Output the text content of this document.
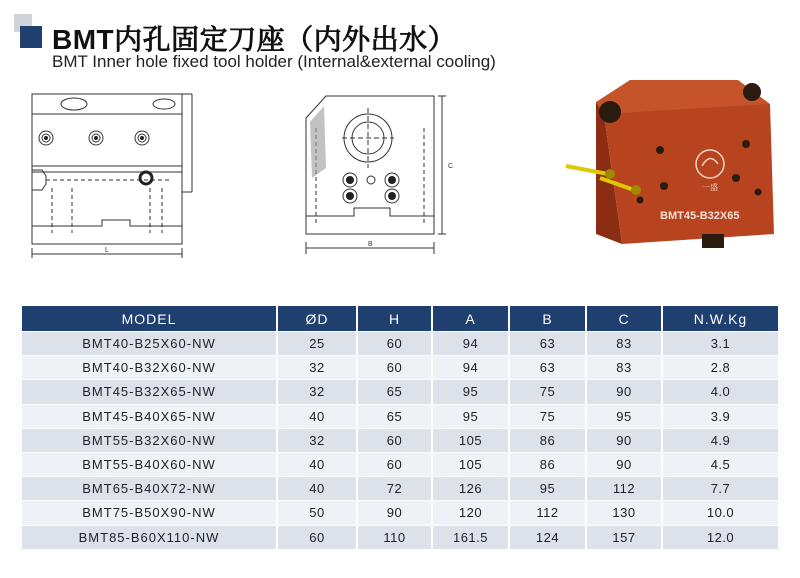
BMT内孔固定刀座（内外出水）
BMT Inner hole fixed tool holder (Internal&external cooling)
L
B
C
一盛
BMT45-B32X65
MODEL	ØD	H	A	B	C	N.W.Kg
BMT40-B25X60-NW	25	60	94	63	83	3.1
BMT40-B32X60-NW	32	60	94	63	83	2.8
BMT45-B32X65-NW	32	65	95	75	90	4.0
BMT45-B40X65-NW	40	65	95	75	95	3.9
BMT55-B32X60-NW	32	60	105	86	90	4.9
BMT55-B40X60-NW	40	60	105	86	90	4.5
BMT65-B40X72-NW	40	72	126	95	112	7.7
BMT75-B50X90-NW	50	90	120	112	130	10.0
BMT85-B60X110-NW	60	110	161.5	124	157	12.0
